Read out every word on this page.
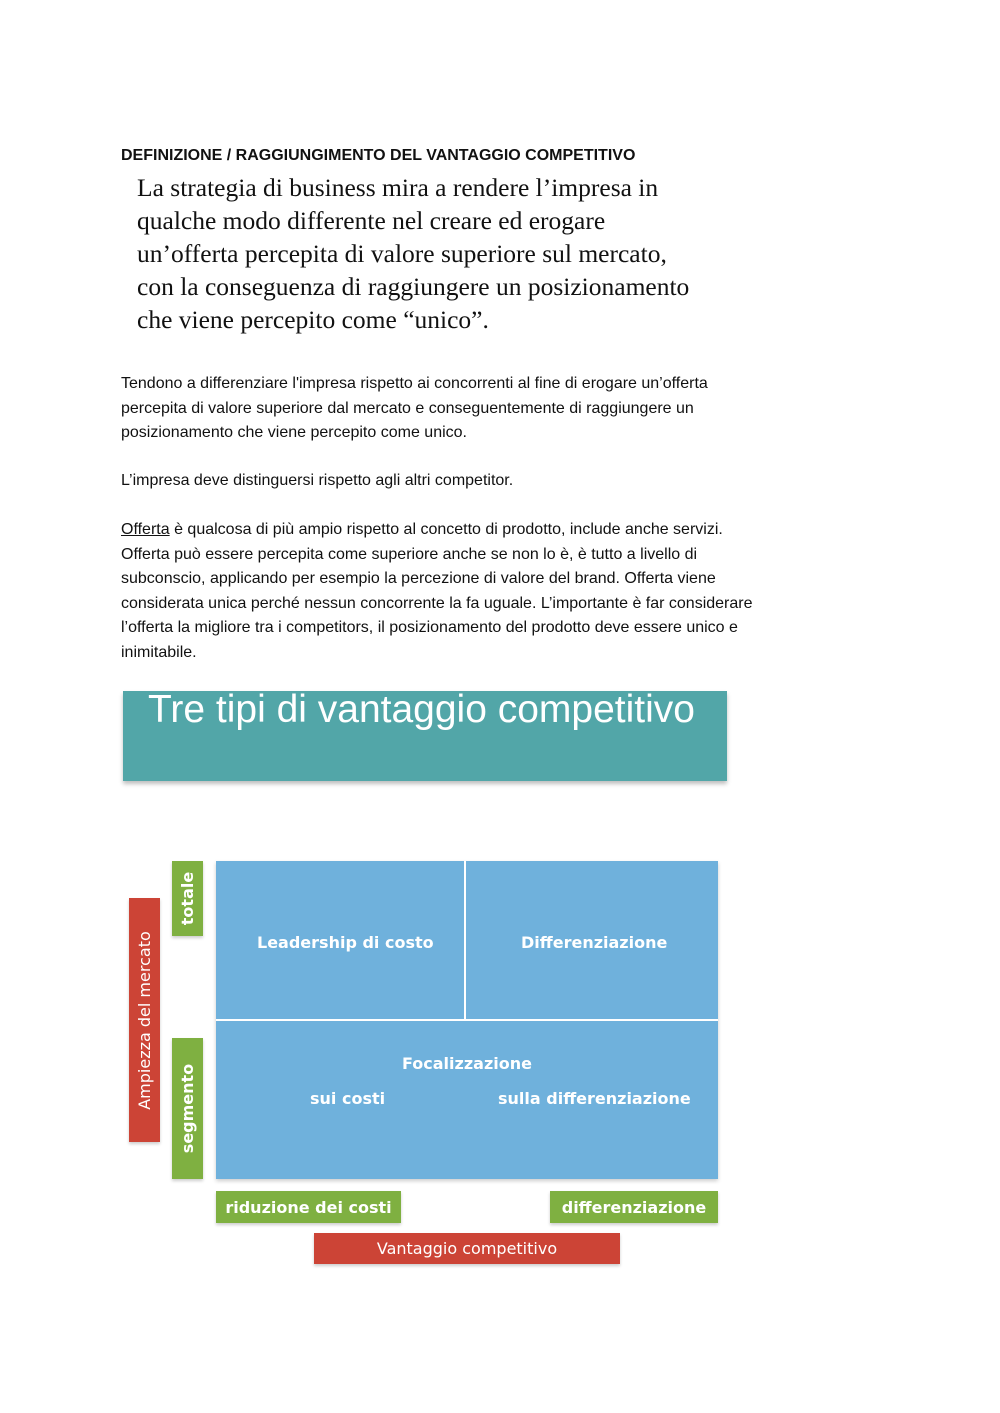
DEFINIZIONE / RAGGIUNGIMENTO DEL VANTAGGIO COMPETITIVO
La strategia di business mira a rendere l’impresa in
qualche modo differente nel creare ed erogare
un’offerta percepita di valore superiore sul mercato,
con la conseguenza di raggiungere un posizionamento
che viene percepito come “unico”.
Tendono a differenziare l'impresa rispetto ai concorrenti al fine di erogare un’offerta
percepita di valore superiore dal mercato e conseguentemente di raggiungere un
posizionamento che viene percepito come unico.
L’impresa deve distinguersi rispetto agli altri competitor.
Offerta è qualcosa di più ampio rispetto al concetto di prodotto, include anche servizi.
Offerta può essere percepita come superiore anche se non lo è, è tutto a livello di
subconscio, applicando per esempio la percezione di valore del brand. Offerta viene
considerata unica perché nessun concorrente la fa uguale. L’importante è far considerare
l’offerta la migliore tra i competitors, il posizionamento del prodotto deve essere unico e
inimitabile.
Tre tipi di vantaggio competitivo
Leadership di costo	Differenziazione
Focalizzazione
sui costi	sulla differenziazione
Ampiezza del mercato
totale
segmento
riduzione dei costi	differenziazione
Vantaggio competitivo
